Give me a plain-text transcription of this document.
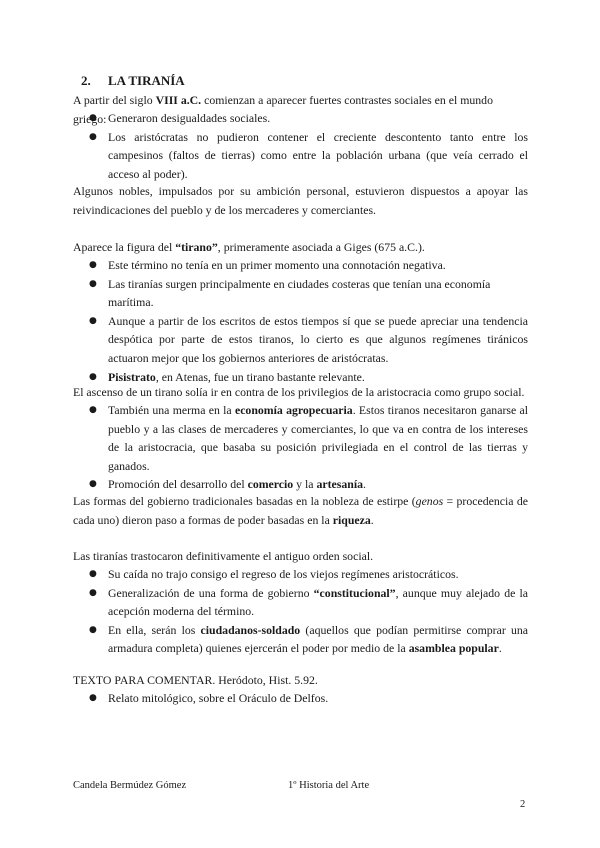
2. LA TIRANÍA

A partir del siglo VIII a.C. comienzan a aparecer fuertes contrastes sociales en el mundo griego:

● Generaron desigualdades sociales.
● Los aristócratas no pudieron contener el creciente descontento tanto entre los campesinos (faltos de tierras) como entre la población urbana (que veía cerrado el acceso al poder).

Algunos nobles, impulsados por su ambición personal, estuvieron dispuestos a apoyar las reivindicaciones del pueblo y de los mercaderes y comerciantes.

Aparece la figura del “tirano”, primeramente asociada a Giges (675 a.C.).

● Este término no tenía en un primer momento una connotación negativa.
● Las tiranías surgen principalmente en ciudades costeras que tenían una economía marítima.
● Aunque a partir de los escritos de estos tiempos sí que se puede apreciar una tendencia despótica por parte de estos tiranos, lo cierto es que algunos regímenes tiránicos actuaron mejor que los gobiernos anteriores de aristócratas.
● Pisistrato, en Atenas, fue un tirano bastante relevante.

El ascenso de un tirano solía ir en contra de los privilegios de la aristocracia como grupo social.

● También una merma en la economía agropecuaria. Estos tiranos necesitaron ganarse al pueblo y a las clases de mercaderes y comerciantes, lo que va en contra de los intereses de la aristocracia, que basaba su posición privilegiada en el control de las tierras y ganados.
● Promoción del desarrollo del comercio y la artesanía.

Las formas del gobierno tradicionales basadas en la nobleza de estirpe (genos = procedencia de cada uno) dieron paso a formas de poder basadas en la riqueza.

Las tiranías trastocaron definitivamente el antiguo orden social.

● Su caída no trajo consigo el regreso de los viejos regímenes aristocráticos.
● Generalización de una forma de gobierno “constitucional”, aunque muy alejado de la acepción moderna del término.
● En ella, serán los ciudadanos-soldado (aquellos que podían permitirse comprar una armadura completa) quienes ejercerán el poder por medio de la asamblea popular.

TEXTO PARA COMENTAR. Heródoto, Hist. 5.92.

● Relato mitológico, sobre el Oráculo de Delfos.
Candela Bermúdez Gómez	1º Historia del Arte
2
